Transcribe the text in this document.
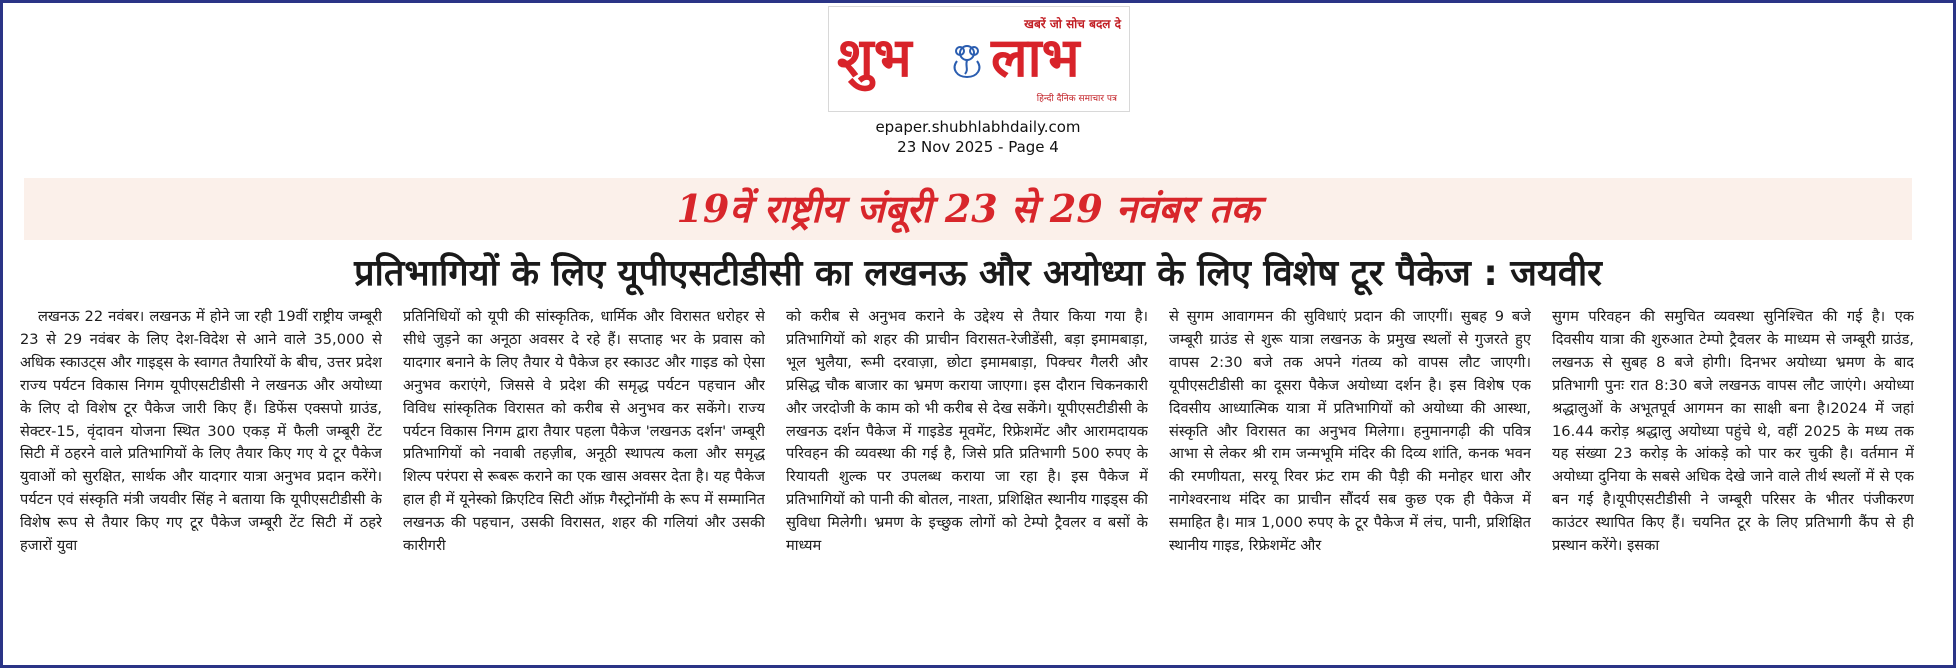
खबरें जो सोच बदल दे
शुभ लाभ
हिन्दी दैनिक समाचार पत्र
epaper.shubhlabhdaily.com
23 Nov 2025 - Page 4
19वें राष्ट्रीय जंबूरी 23 से 29 नवंबर तक
प्रतिभागियों के लिए यूपीएसटीडीसी का लखनऊ और अयोध्या के लिए विशेष टूर पैकेज : जयवीर

लखनऊ 22 नवंबर। लखनऊ में होने जा रही 19वीं राष्ट्रीय जम्बूरी 23 से 29 नवंबर के लिए देश-विदेश से आने वाले 35,000 से अधिक स्काउट्स और गाइड्स के स्वागत तैयारियों के बीच, उत्तर प्रदेश राज्य पर्यटन विकास निगम यूपीएसटीडीसी ने लखनऊ और अयोध्या के लिए दो विशेष टूर पैकेज जारी किए हैं। डिफेंस एक्सपो ग्राउंड, सेक्टर-15, वृंदावन योजना स्थित 300 एकड़ में फैली जम्बूरी टेंट सिटी में ठहरने वाले प्रतिभागियों के लिए तैयार किए गए ये टूर पैकेज युवाओं को सुरक्षित, सार्थक और यादगार यात्रा अनुभव प्रदान करेंगे।पर्यटन एवं संस्कृति मंत्री जयवीर सिंह ने बताया कि यूपीएसटीडीसी के विशेष रूप से तैयार किए गए टूर पैकेज जम्बूरी टेंट सिटी में ठहरे हजारों युवा

प्रतिनिधियों को यूपी की सांस्कृतिक, धार्मिक और विरासत धरोहर से सीधे जुड़ने का अनूठा अवसर दे रहे हैं। सप्ताह भर के प्रवास को यादगार बनाने के लिए तैयार ये पैकेज हर स्काउट और गाइड को ऐसा अनुभव कराएंगे, जिससे वे प्रदेश की समृद्ध पर्यटन पहचान और विविध सांस्कृतिक विरासत को करीब से अनुभव कर सकेंगे। राज्य पर्यटन विकास निगम द्वारा तैयार पहला पैकेज 'लखनऊ दर्शन' जम्बूरी प्रतिभागियों को नवाबी तहज़ीब, अनूठी स्थापत्य कला और समृद्ध शिल्प परंपरा से रूबरू कराने का एक खास अवसर देता है। यह पैकेज हाल ही में यूनेस्को क्रिएटिव सिटी ऑफ़ गैस्ट्रोनॉमी के रूप में सम्मानित लखनऊ की पहचान, उसकी विरासत, शहर की गलियां और उसकी कारीगरी

को करीब से अनुभव कराने के उद्देश्य से तैयार किया गया है। प्रतिभागियों को शहर की प्राचीन विरासत-रेजीडेंसी, बड़ा इमामबाड़ा, भूल भुलैया, रूमी दरवाज़ा, छोटा इमामबाड़ा, पिक्चर गैलरी और प्रसिद्ध चौक बाजार का भ्रमण कराया जाएगा। इस दौरान चिकनकारी और जरदोजी के काम को भी करीब से देख सकेंगे। यूपीएसटीडीसी के लखनऊ दर्शन पैकेज में गाइडेड मूवमेंट, रिफ्रेशमेंट और आरामदायक परिवहन की व्यवस्था की गई है, जिसे प्रति प्रतिभागी 500 रुपए के रियायती शुल्क पर उपलब्ध कराया जा रहा है। इस पैकेज में प्रतिभागियों को पानी की बोतल, नाश्ता, प्रशिक्षित स्थानीय गाइड्स की सुविधा मिलेगी। भ्रमण के इच्छुक लोगों को टेम्पो ट्रैवलर व बसों के माध्यम

से सुगम आवागमन की सुविधाएं प्रदान की जाएगीं। सुबह 9 बजे जम्बूरी ग्राउंड से शुरू यात्रा लखनऊ के प्रमुख स्थलों से गुजरते हुए वापस 2:30 बजे तक अपने गंतव्य को वापस लौट जाएगी।यूपीएसटीडीसी का दूसरा पैकेज अयोध्या दर्शन है। इस विशेष एक दिवसीय आध्यात्मिक यात्रा में प्रतिभागियों को अयोध्या की आस्था, संस्कृति और विरासत का अनुभव मिलेगा। हनुमानगढ़ी की पवित्र आभा से लेकर श्री राम जन्मभूमि मंदिर की दिव्य शांति, कनक भवन की रमणीयता, सरयू रिवर फ्रंट राम की पैड़ी की मनोहर धारा और नागेश्वरनाथ मंदिर का प्राचीन सौंदर्य सब कुछ एक ही पैकेज में समाहित है। मात्र 1,000 रुपए के टूर पैकेज में लंच, पानी, प्रशिक्षित स्थानीय गाइड, रिफ्रेशमेंट और

सुगम परिवहन की समुचित व्यवस्था सुनिश्चित की गई है। एक दिवसीय यात्रा की शुरुआत टेम्पो ट्रैवलर के माध्यम से जम्बूरी ग्राउंड, लखनऊ से सुबह 8 बजे होगी। दिनभर अयोध्या भ्रमण के बाद प्रतिभागी पुनः रात 8:30 बजे लखनऊ वापस लौट जाएंगे। अयोध्या श्रद्धालुओं के अभूतपूर्व आगमन का साक्षी बना है।2024 में जहां 16.44 करोड़ श्रद्धालु अयोध्या पहुंचे थे, वहीं 2025 के मध्य तक यह संख्या 23 करोड़ के आंकड़े को पार कर चुकी है। वर्तमान में अयोध्या दुनिया के सबसे अधिक देखे जाने वाले तीर्थ स्थलों में से एक बन गई है।यूपीएसटीडीसी ने जम्बूरी परिसर के भीतर पंजीकरण काउंटर स्थापित किए हैं। चयनित टूर के लिए प्रतिभागी कैंप से ही प्रस्थान करेंगे। इसका
